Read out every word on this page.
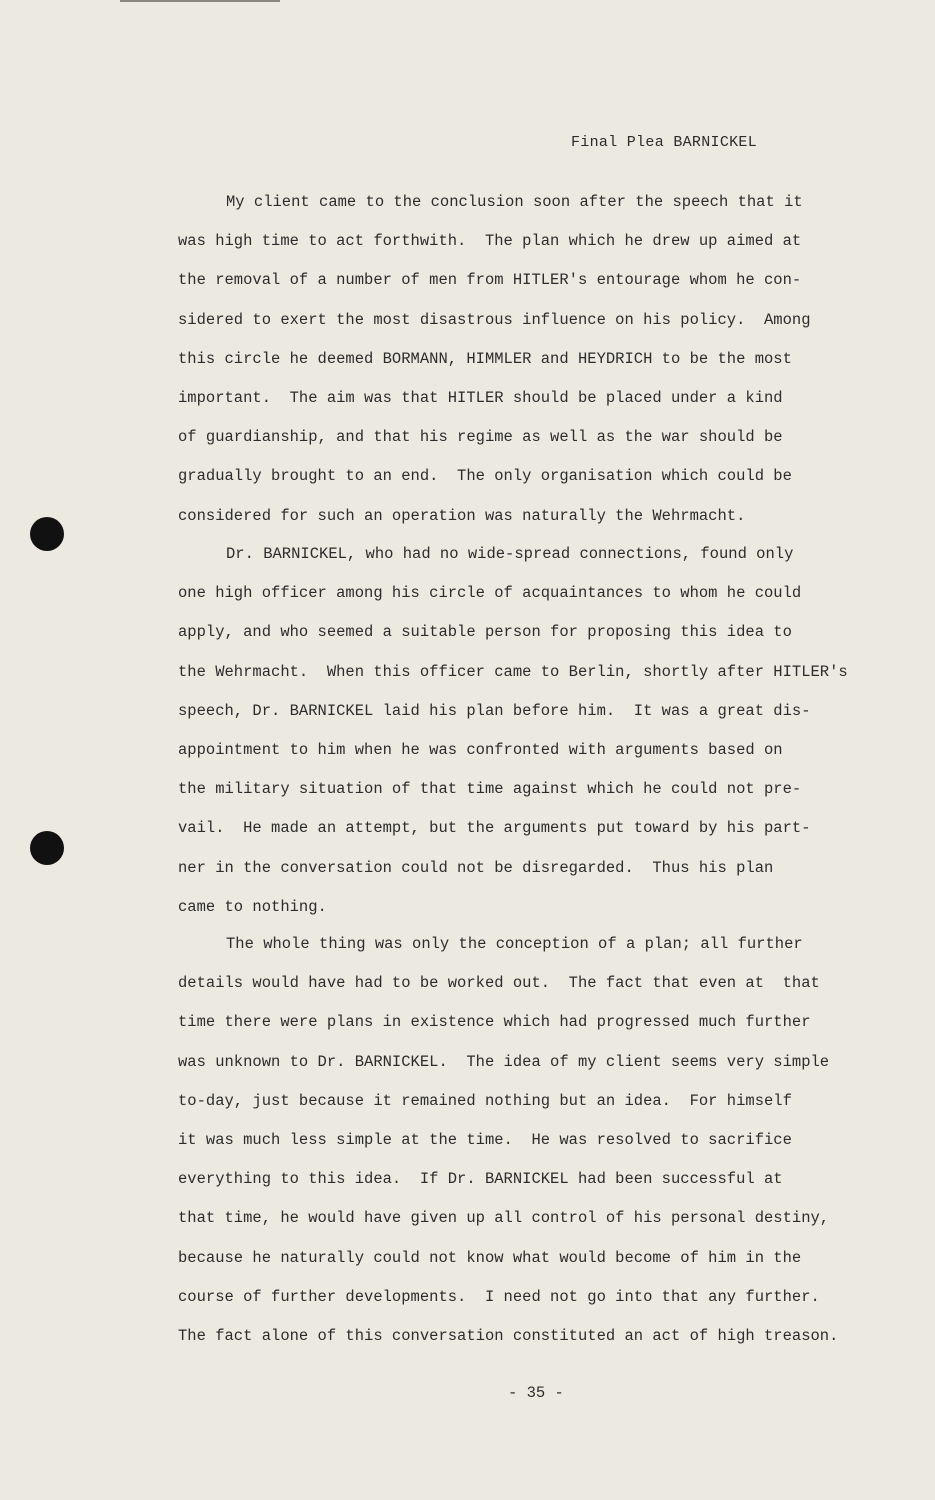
Final Plea BARNICKEL
My client came to the conclusion soon after the speech that it
was high time to act forthwith.  The plan which he drew up aimed at
the removal of a number of men from HITLER's entourage whom he con-
sidered to exert the most disastrous influence on his policy.  Among
this circle he deemed BORMANN, HIMMLER and HEYDRICH to be the most
important.  The aim was that HITLER should be placed under a kind
of guardianship, and that his regime as well as the war should be
gradually brought to an end.  The only organisation which could be
considered for such an operation was naturally the Wehrmacht.
Dr. BARNICKEL, who had no wide-spread connections, found only
one high officer among his circle of acquaintances to whom he could
apply, and who seemed a suitable person for proposing this idea to
the Wehrmacht.  When this officer came to Berlin, shortly after HITLER's
speech, Dr. BARNICKEL laid his plan before him.  It was a great dis-
appointment to him when he was confronted with arguments based on
the military situation of that time against which he could not pre-
vail.  He made an attempt, but the arguments put toward by his part-
ner in the conversation could not be disregarded.  Thus his plan
came to nothing.
The whole thing was only the conception of a plan; all further
details would have had to be worked out.  The fact that even at  that
time there were plans in existence which had progressed much further
was unknown to Dr. BARNICKEL.  The idea of my client seems very simple
to-day, just because it remained nothing but an idea.  For himself
it was much less simple at the time.  He was resolved to sacrifice
everything to this idea.  If Dr. BARNICKEL had been successful at
that time, he would have given up all control of his personal destiny,
because he naturally could not know what would become of him in the
course of further developments.  I need not go into that any further.
The fact alone of this conversation constituted an act of high treason.
- 35 -
